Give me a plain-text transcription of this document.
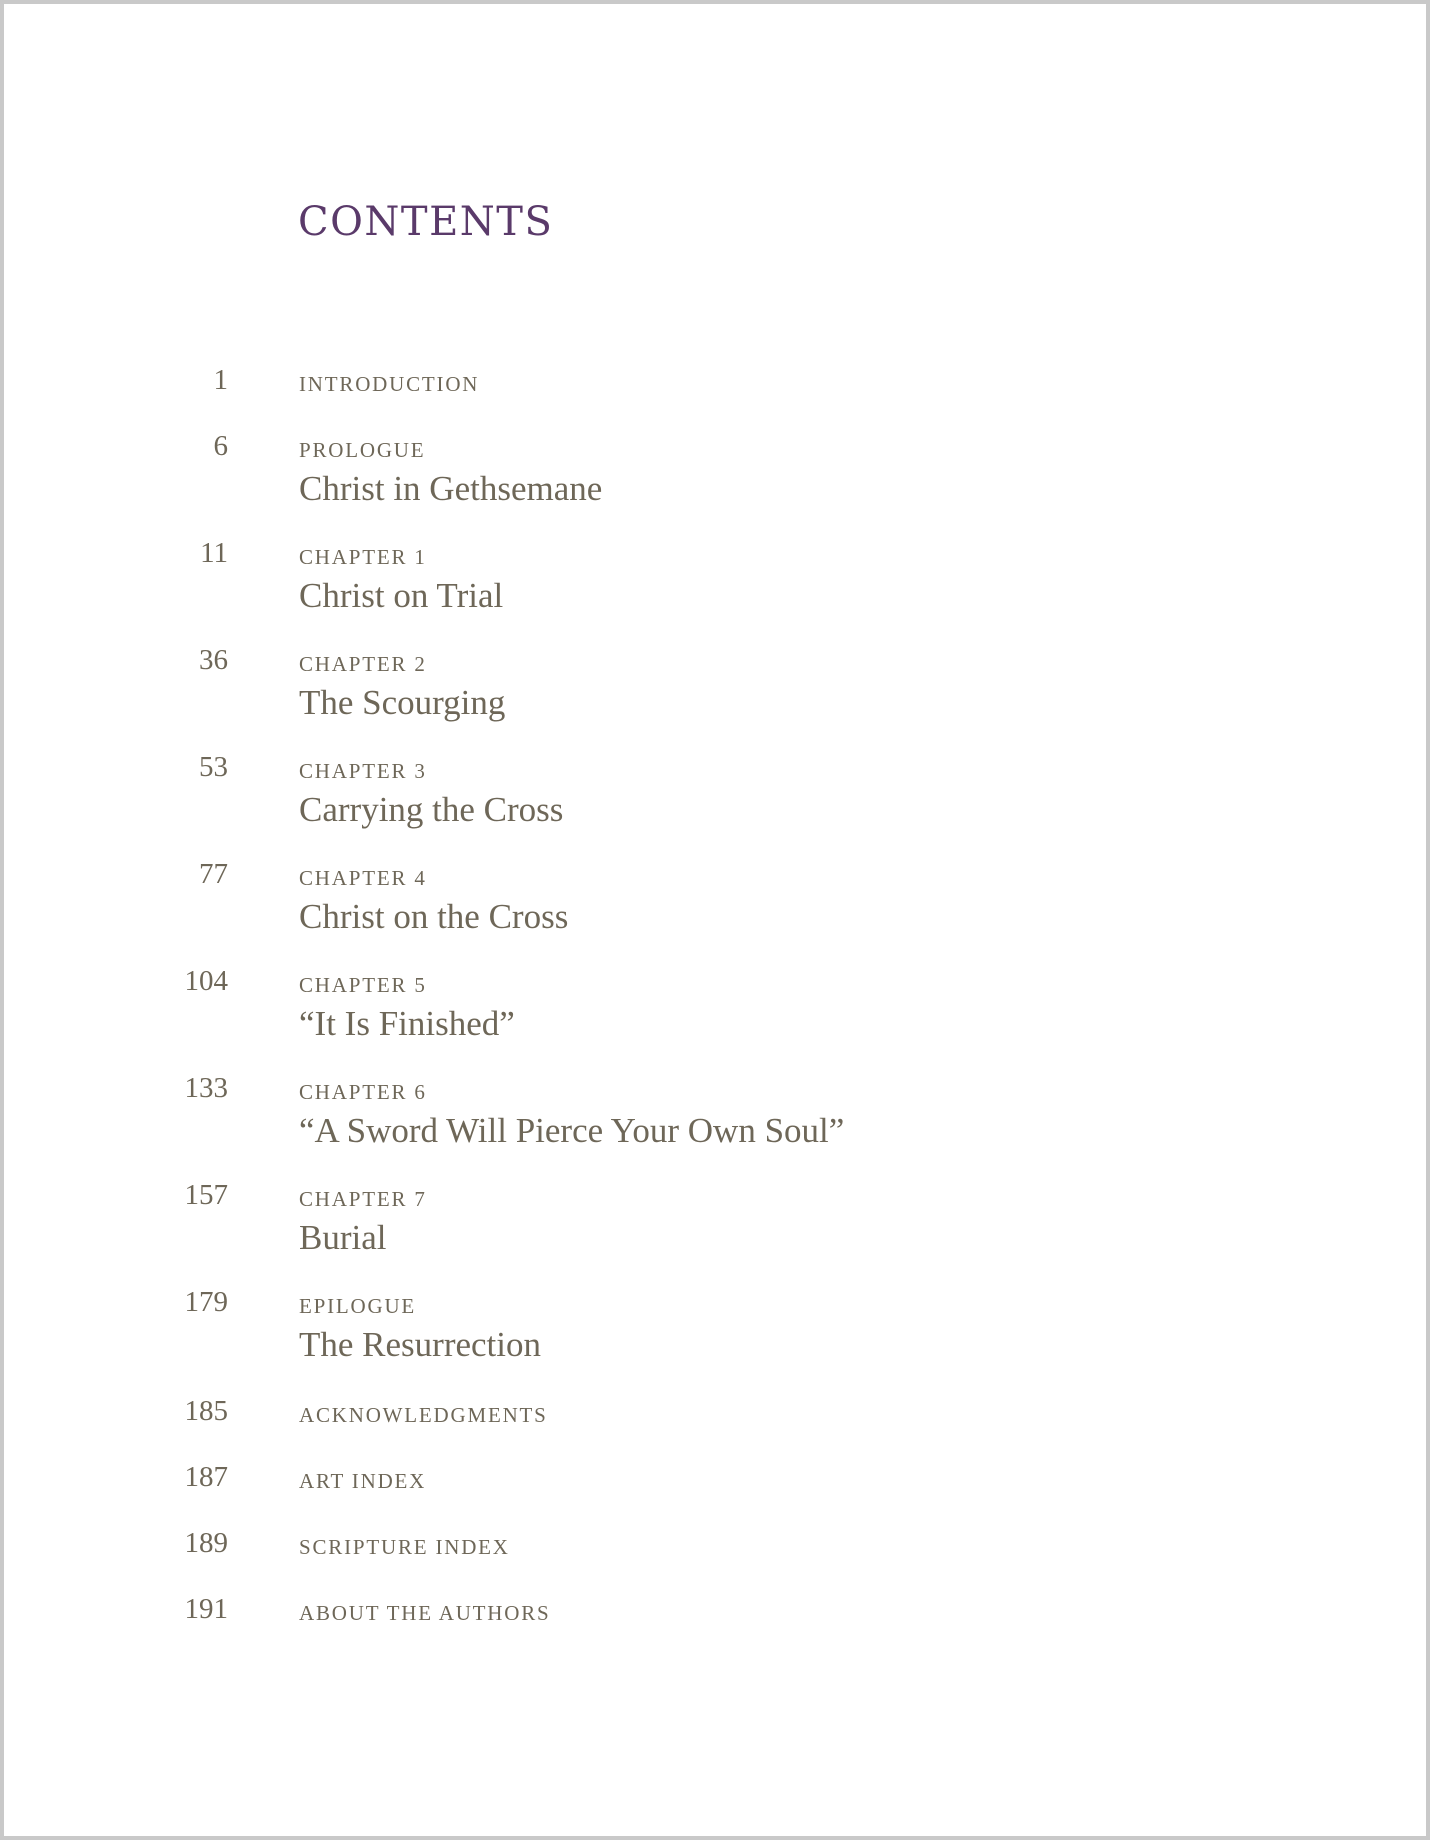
CONTENTS
1	INTRODUCTION
6	PROLOGUE
Christ in Gethsemane
11	CHAPTER 1
Christ on Trial
36	CHAPTER 2
The Scourging
53	CHAPTER 3
Carrying the Cross
77	CHAPTER 4
Christ on the Cross
104	CHAPTER 5
“It Is Finished”
133	CHAPTER 6
“A Sword Will Pierce Your Own Soul”
157	CHAPTER 7
Burial
179	EPILOGUE
The Resurrection
185	ACKNOWLEDGMENTS
187	ART INDEX
189	SCRIPTURE INDEX
191	ABOUT THE AUTHORS
